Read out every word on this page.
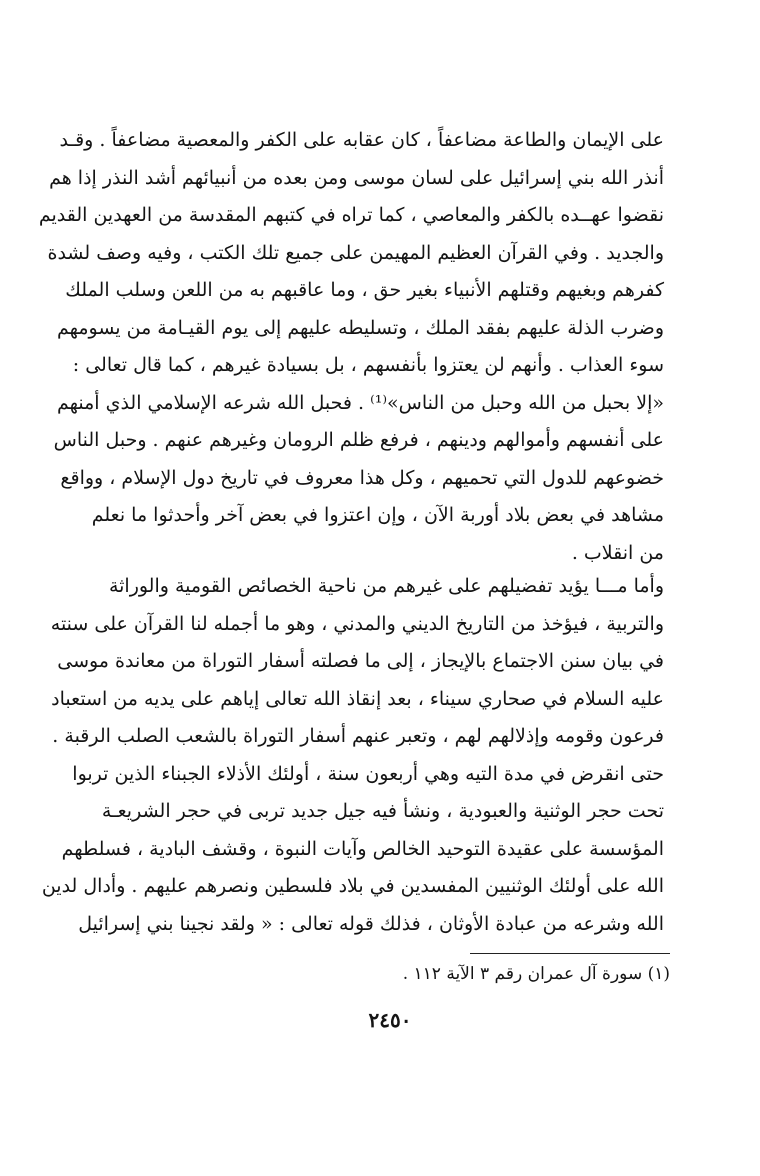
على الإيمان والطاعة مضاعفاً ، كان عقابه على الكفر والمعصية مضاعفاً . وقـد
أنذر الله بني إسرائيل على لسان موسى ومن بعده من أنبيائهم أشد النذر إذا هم
نقضوا عهــده بالكفر والمعاصي ، كما تراه في كتبهم المقدسة من العهدين القديم
والجديد . وفي القرآن العظيم المهيمن على جميع تلك الكتب ، وفيه وصف لشدة
كفرهم وبغيهم وقتلهم الأنبياء بغير حق ، وما عاقبهم به من اللعن وسلب الملك
وضرب الذلة عليهم بفقد الملك ، وتسليطه عليهم إلى يوم القيـامة من يسومهم
سوء العذاب . وأنهم لن يعتزوا بأنفسهم ، بل بسيادة غيرهم ، كما قال تعالى :
«إلا بحبل من الله وحبل من الناس»⁽¹⁾ . فحبل الله شرعه الإسلامي الذي أمنهم
على أنفسهم وأموالهم ودينهم ، فرفع ظلم الرومان وغيرهم عنهم . وحبل الناس
خضوعهم للدول التي تحميهم ، وكل هذا معروف في تاريخ دول الإسلام ، وواقع
مشاهد في بعض بلاد أوربة الآن ، وإن اعتزوا في بعض آخر وأحدثوا ما نعلم
من انقلاب .
وأما مـــا يؤيد تفضيلهم على غيرهم من ناحية الخصائص القومية والوراثة
والتربية ، فيؤخذ من التاريخ الديني والمدني ، وهو ما أجمله لنا القرآن على سنته
في بيان سنن الاجتماع بالإيجاز ، إلى ما فصلته أسفار التوراة من معاندة موسى
عليه السلام في صحاري سيناء ، بعد إنقاذ الله تعالى إياهم على يديه من استعباد
فرعون وقومه وإذلالهم لهم ، وتعبر عنهم أسفار التوراة بالشعب الصلب الرقبة .
حتى انقرض في مدة التيه وهي أربعون سنة ، أولئك الأذلاء الجبناء الذين تربوا
تحت حجر الوثنية والعبودية ، ونشأ فيه جيل جديد تربى في حجر الشريعـة
المؤسسة على عقيدة التوحيد الخالص وآيات النبوة ، وقشف البادية ، فسلطهم
الله على أولئك الوثنيين المفسدين في بلاد فلسطين ونصرهم عليهم . وأدال لدين
الله وشرعه من عبادة الأوثان ، فذلك قوله تعالى : « ولقد نجينا بني إسرائيل
(١) سورة آل عمران رقم ٣ الآية ١١٢ .
٢٤٥٠
